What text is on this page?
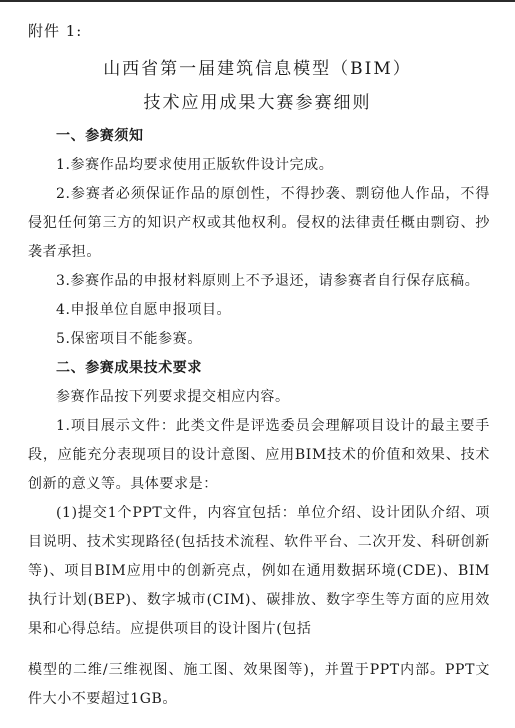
附件 1:
山西省第一届建筑信息模型（BIM）
技术应用成果大赛参赛细则
一、参赛须知
1.参赛作品均要求使用正版软件设计完成。
2.参赛者必须保证作品的原创性，不得抄袭、剽窃他人作品，不得侵犯任何第三方的知识产权或其他权利。侵权的法律责任概由剽窃、抄袭者承担。
3.参赛作品的申报材料原则上不予退还，请参赛者自行保存底稿。
4.申报单位自愿申报项目。
5.保密项目不能参赛。
二、参赛成果技术要求
参赛作品按下列要求提交相应内容。
1.项目展示文件：此类文件是评选委员会理解项目设计的最主要手段，应能充分表现项目的设计意图、应用BIM技术的价值和效果、技术创新的意义等。具体要求是：
(1)提交1个PPT文件，内容宜包括：单位介绍、设计团队介绍、项目说明、技术实现路径(包括技术流程、软件平台、二次开发、科研创新等)、项目BIM应用中的创新亮点，例如在通用数据环境(CDE)、BIM执行计划(BEP)、数字城市(CIM)、碳排放、数字孪生等方面的应用效果和心得总结。应提供项目的设计图片(包括
模型的二维/三维视图、施工图、效果图等)，并置于PPT内部。PPT文件大小不要超过1GB。
